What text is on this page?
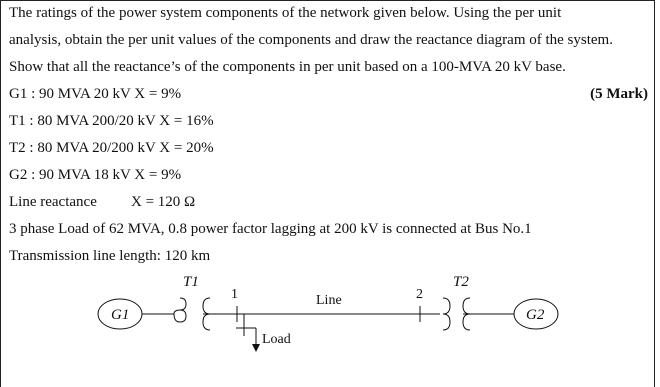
The ratings of the power system components of the network given below. Using the per unit
analysis, obtain the per unit values of the components and draw the reactance diagram of the system.
Show that all the reactance’s of the components in per unit based on a 100-MVA 20 kV base.
G1 : 90 MVA 20 kV X = 9%	(5 Mark)
T1 : 80 MVA 200/20 kV X = 16%
T2 : 80 MVA 20/200 kV X = 20%
G2 : 90 MVA 18 kV X = 9%
Line reactance X = 120 Ω
3 phase Load of 62 MVA, 0.8 power factor lagging at 200 kV is connected at Bus No.1
Transmission line length: 120 km
G1
T1
1
Load
Line	2
T2
G2
